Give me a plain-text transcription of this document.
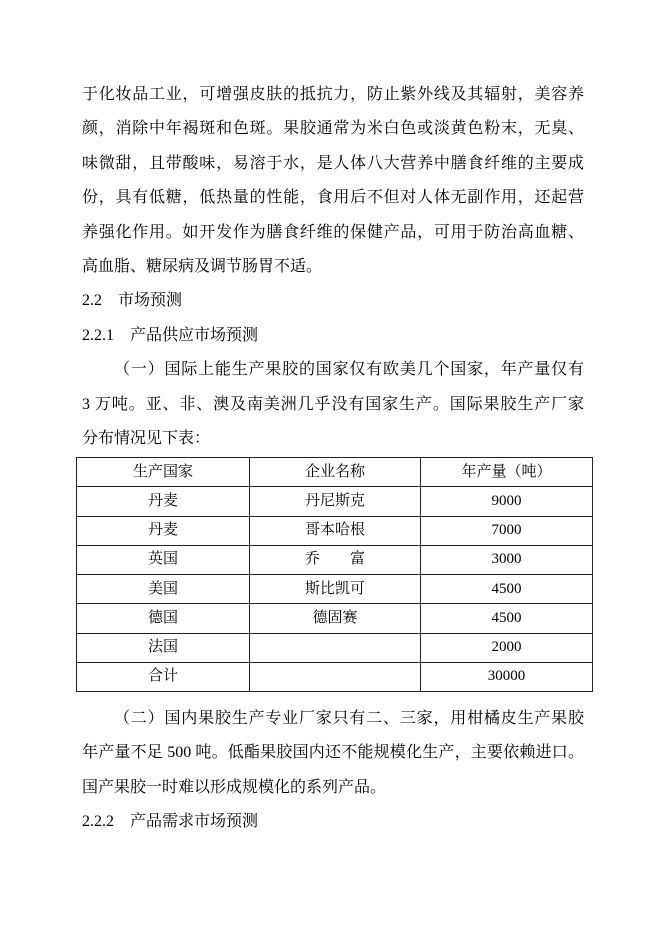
于化妆品工业，可增强皮肤的抵抗力，防止紫外线及其辐射，美容养
颜，消除中年褐斑和色斑。果胶通常为米白色或淡黄色粉末，无臭、
味微甜，且带酸味，易溶于水，是人体八大营养中膳食纤维的主要成
份，具有低糖，低热量的性能，食用后不但对人体无副作用，还起营
养强化作用。如开发作为膳食纤维的保健产品，可用于防治高血糖、
高血脂、糖尿病及调节肠胃不适。
2.2 市场预测
2.2.1 产品供应市场预测
（一）国际上能生产果胶的国家仅有欧美几个国家，年产量仅有
3 万吨。亚、非、澳及南美洲几乎没有国家生产。国际果胶生产厂家
分布情况见下表：
生产国家	企业名称	年产量（吨）
丹麦	丹尼斯克	9000
丹麦	哥本哈根	7000
英国	乔　　富	3000
美国	斯比凯可	4500
德国	德固赛	4500
法国		2000
合计		30000
（二）国内果胶生产专业厂家只有二、三家，用柑橘皮生产果胶
年产量不足 500 吨。低酯果胶国内还不能规模化生产，主要依赖进口。
国产果胶一时难以形成规模化的系列产品。
2.2.2 产品需求市场预测
